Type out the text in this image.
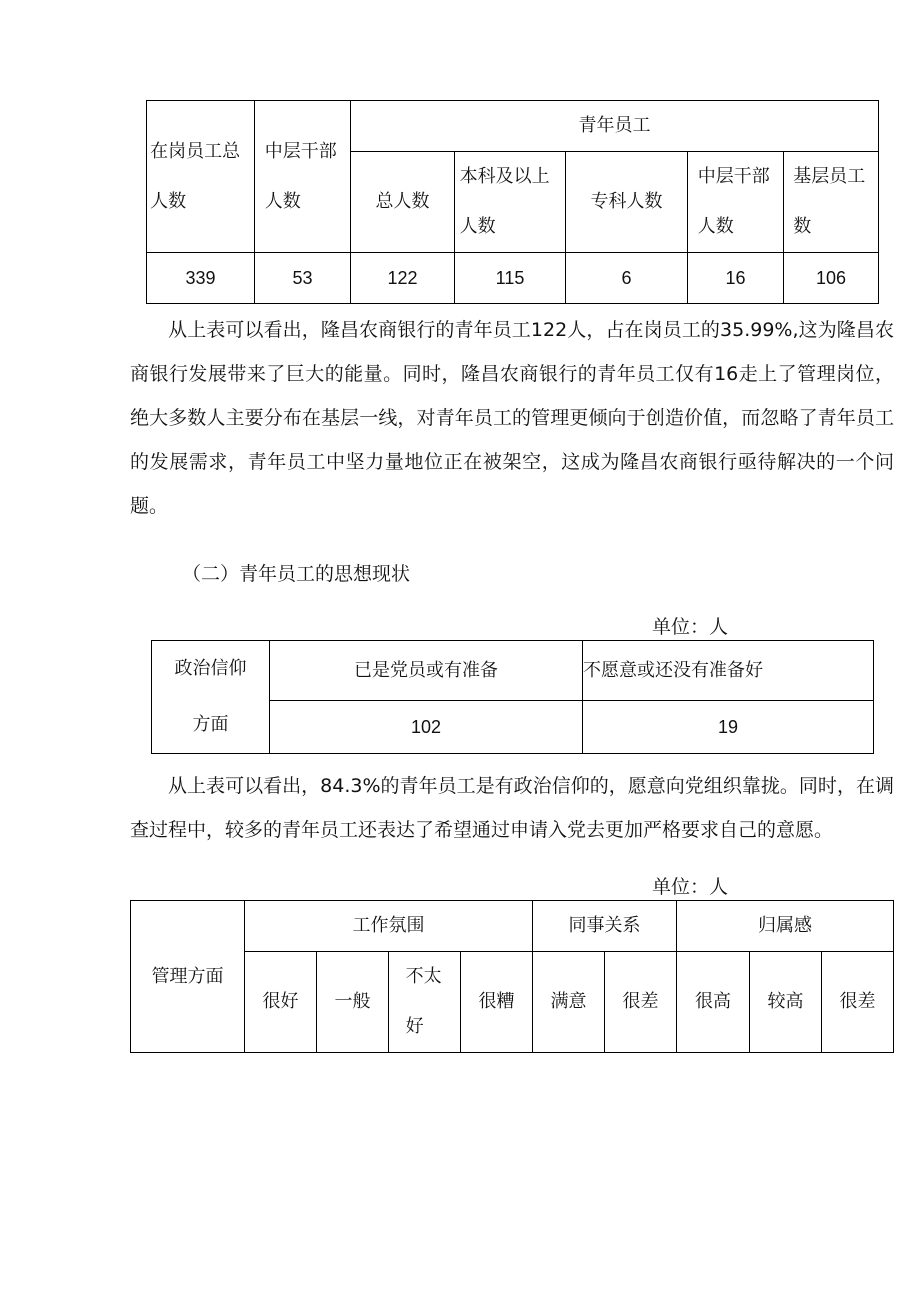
在岗员工总人数	中层干部人数	青年员工				
		总人数	本科及以上人数	专科人数	中层干部人数	基层员工数
339	53	122	115	6	16	106
从上表可以看出，隆昌农商银行的青年员工122人，占在岗员工的35.99%,这为隆昌农商银行发展带来了巨大的能量。同时，隆昌农商银行的青年员工仅有16走上了管理岗位，绝大多数人主要分布在基层一线，对青年员工的管理更倾向于创造价值，而忽略了青年员工的发展需求，青年员工中坚力量地位正在被架空，这成为隆昌农商银行亟待解决的一个问题。
（二）青年员工的思想现状
单位：人
政治信仰方面	已是党员或有准备	不愿意或还没有准备好
	102	19
从上表可以看出，84.3%的青年员工是有政治信仰的，愿意向党组织靠拢。同时，在调查过程中，较多的青年员工还表达了希望通过申请入党去更加严格要求自己的意愿。
单位：人
管理方面	工作氛围				同事关系		归属感		
	很好	一般	不太好	很糟	满意	很差	很高	较高	很差
